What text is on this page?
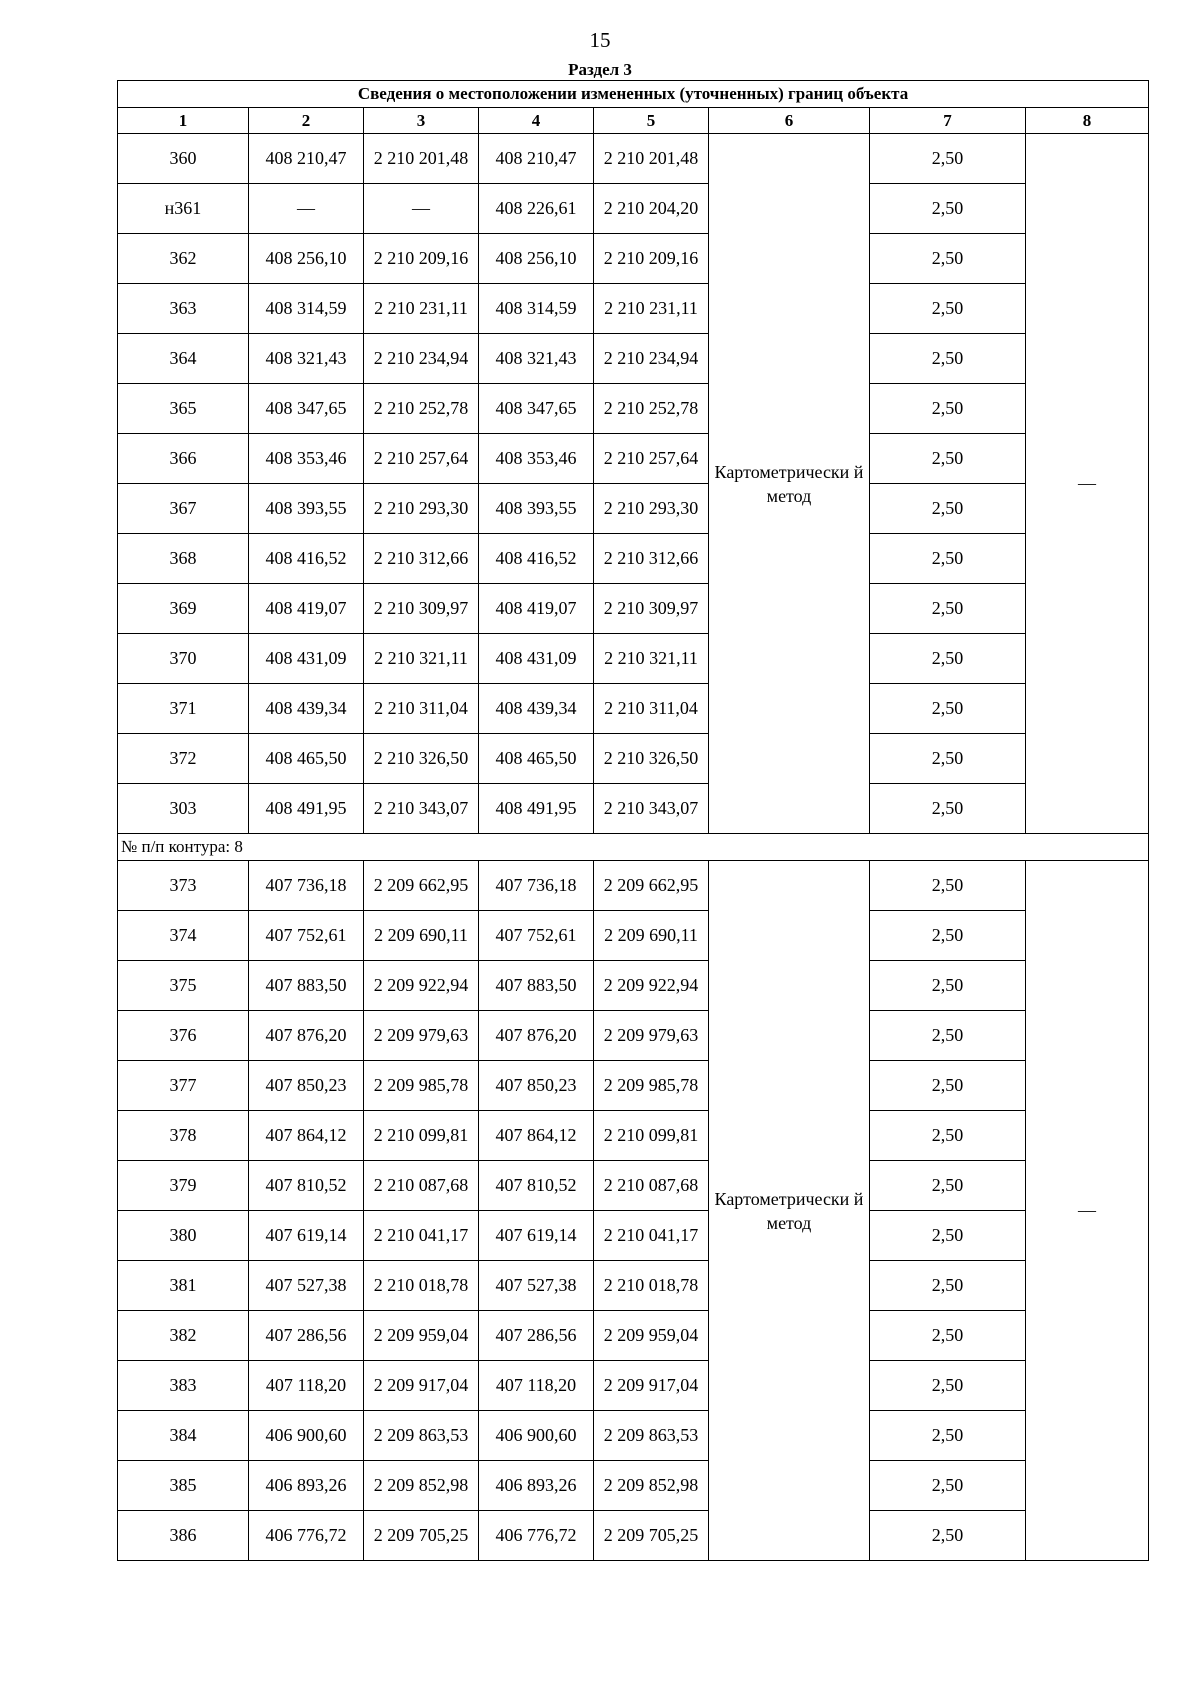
15
Раздел 3
Сведения о местоположении измененных (уточненных) границ объекта							
1	2	3	4	5	6	7	8
360	408 210,47	2 210 201,48	408 210,47	2 210 201,48	Картометрически й метод	2,50	—
н361	—	—	408 226,61	2 210 204,20		2,50	
362	408 256,10	2 210 209,16	408 256,10	2 210 209,16		2,50	
363	408 314,59	2 210 231,11	408 314,59	2 210 231,11		2,50	
364	408 321,43	2 210 234,94	408 321,43	2 210 234,94		2,50	
365	408 347,65	2 210 252,78	408 347,65	2 210 252,78		2,50	
366	408 353,46	2 210 257,64	408 353,46	2 210 257,64		2,50	
367	408 393,55	2 210 293,30	408 393,55	2 210 293,30		2,50	
368	408 416,52	2 210 312,66	408 416,52	2 210 312,66		2,50	
369	408 419,07	2 210 309,97	408 419,07	2 210 309,97		2,50	
370	408 431,09	2 210 321,11	408 431,09	2 210 321,11		2,50	
371	408 439,34	2 210 311,04	408 439,34	2 210 311,04		2,50	
372	408 465,50	2 210 326,50	408 465,50	2 210 326,50		2,50	
303	408 491,95	2 210 343,07	408 491,95	2 210 343,07		2,50	
№ п/п контура: 8							
373	407 736,18	2 209 662,95	407 736,18	2 209 662,95	Картометрически й метод	2,50	—
374	407 752,61	2 209 690,11	407 752,61	2 209 690,11		2,50	
375	407 883,50	2 209 922,94	407 883,50	2 209 922,94		2,50	
376	407 876,20	2 209 979,63	407 876,20	2 209 979,63		2,50	
377	407 850,23	2 209 985,78	407 850,23	2 209 985,78		2,50	
378	407 864,12	2 210 099,81	407 864,12	2 210 099,81		2,50	
379	407 810,52	2 210 087,68	407 810,52	2 210 087,68		2,50	
380	407 619,14	2 210 041,17	407 619,14	2 210 041,17		2,50	
381	407 527,38	2 210 018,78	407 527,38	2 210 018,78		2,50	
382	407 286,56	2 209 959,04	407 286,56	2 209 959,04		2,50	
383	407 118,20	2 209 917,04	407 118,20	2 209 917,04		2,50	
384	406 900,60	2 209 863,53	406 900,60	2 209 863,53		2,50	
385	406 893,26	2 209 852,98	406 893,26	2 209 852,98		2,50	
386	406 776,72	2 209 705,25	406 776,72	2 209 705,25		2,50	
